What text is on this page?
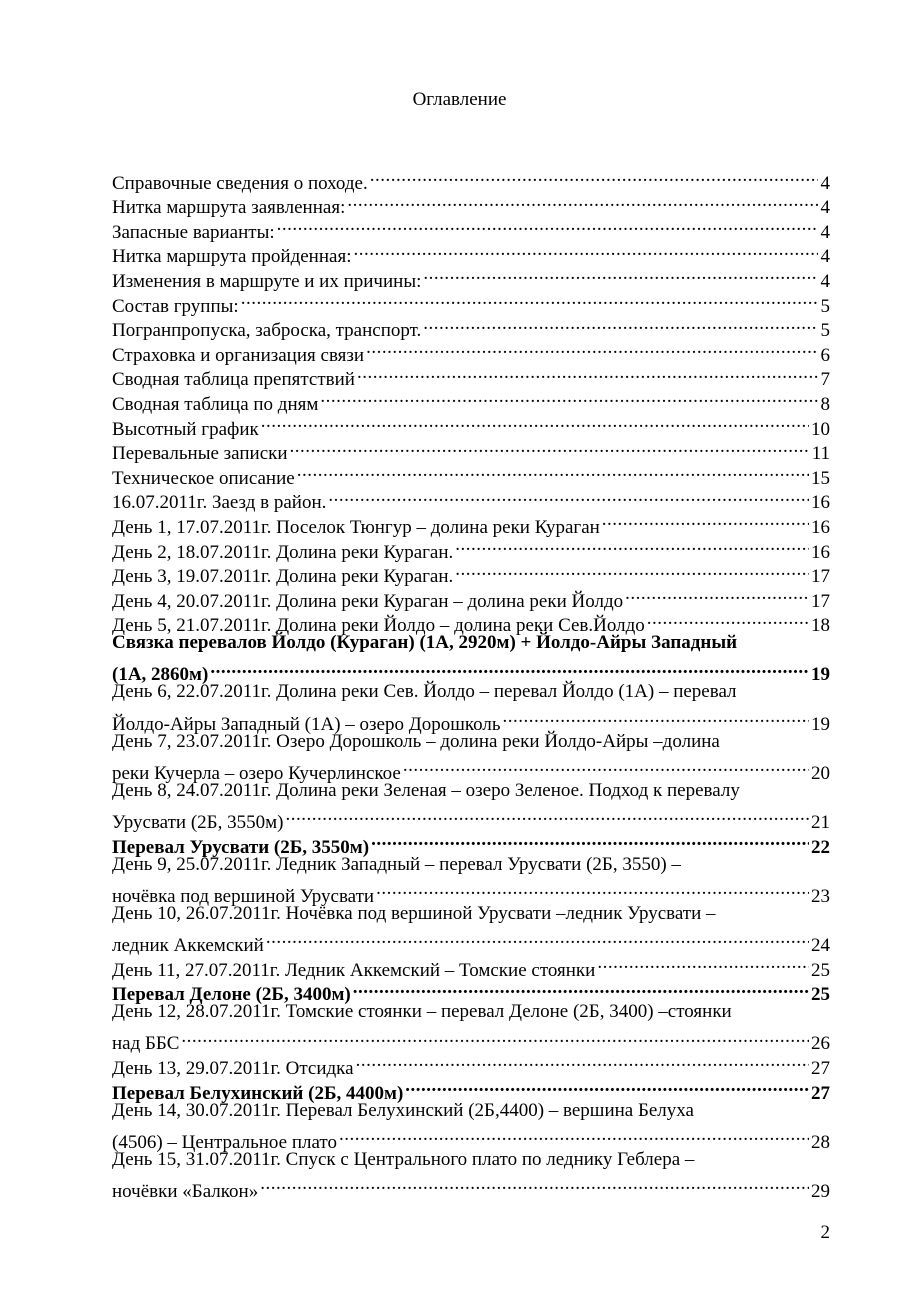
Оглавление
Справочные сведения о походе. .....	4
Нитка маршрута заявленная: .....	4
Запасные варианты: .....	4
Нитка маршрута пройденная: .....	4
Изменения в маршруте и их причины: .....	4
Состав группы: .....	5
Погранпропуска, заброска, транспорт. .....	5
Страховка и организация связи .....	6
Сводная таблица препятствий .....	7
Сводная таблица по дням .....	8
Высотный график .....	10
Перевальные записки .....	11
Техническое описание .....	15
16.07.2011г. Заезд в район. .....	16
День 1, 17.07.2011г. Поселок Тюнгур – долина реки Кураган .....	16
День 2, 18.07.2011г. Долина реки Кураган. .....	16
День 3, 19.07.2011г. Долина реки Кураган. .....	17
День 4, 20.07.2011г. Долина реки Кураган – долина реки Йолдо .....	17
День 5, 21.07.2011г. Долина реки Йолдо – долина реки Сев.Йолдо .....	18
Связка перевалов Йолдо (Кураган) (1А, 2920м) + Йолдо-Айры Западный
(1А, 2860м) .....	19
День 6, 22.07.2011г. Долина реки Сев. Йолдо – перевал Йолдо (1А) – перевал
Йолдо-Айры Западный (1А) – озеро Дорошколь .....	19
День 7, 23.07.2011г. Озеро Дорошколь – долина реки Йолдо-Айры –долина
реки Кучерла – озеро Кучерлинское .....	20
День 8, 24.07.2011г. Долина реки Зеленая – озеро Зеленое. Подход к перевалу
Урусвати (2Б, 3550м) .....	21
Перевал Урусвати (2Б, 3550м) .....	22
День 9, 25.07.2011г. Ледник Западный – перевал Урусвати (2Б, 3550) –
ночёвка под вершиной Урусвати .....	23
День 10, 26.07.2011г. Ночёвка под вершиной Урусвати –ледник Урусвати –
ледник Аккемский .....	24
День 11, 27.07.2011г. Ледник Аккемский – Томские стоянки .....	25
Перевал Делоне (2Б, 3400м) .....	25
День 12, 28.07.2011г. Томские стоянки – перевал Делоне (2Б, 3400) –стоянки
над ББС .....	26
День 13, 29.07.2011г. Отсидка .....	27
Перевал Белухинский (2Б, 4400м) .....	27
День 14, 30.07.2011г. Перевал Белухинский (2Б,4400) – вершина Белуха
(4506) – Центральное плато .....	28
День 15, 31.07.2011г. Спуск с Центрального плато по леднику Геблера –
ночёвки «Балкон» .....	29
2
